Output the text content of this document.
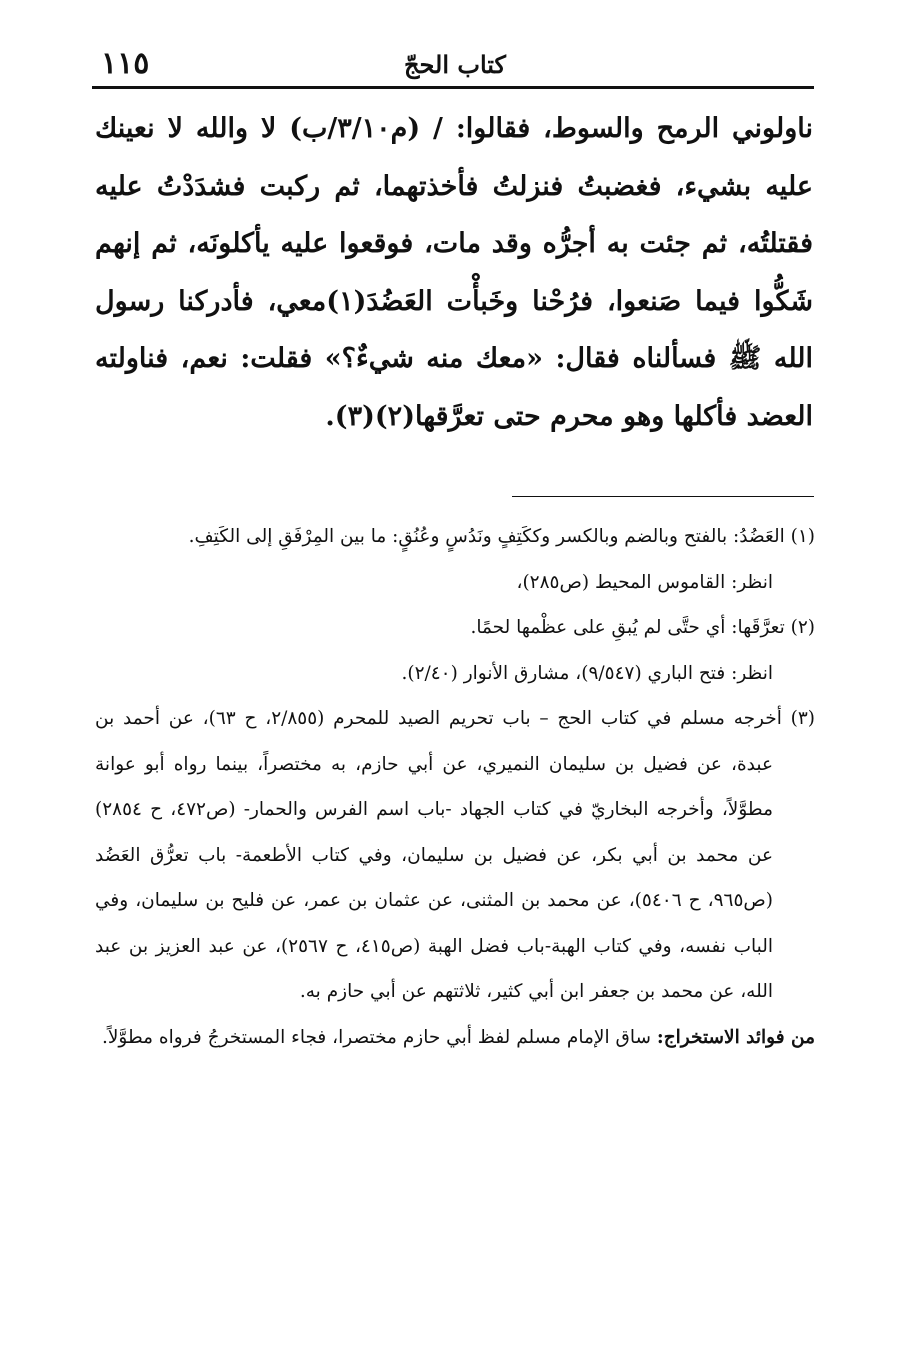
كتاب الحجّ
١١٥

ناولوني الرمح والسوط، فقالوا: / (م٣/١٠/ب) لا والله لا نعينك عليه بشيء، فغضبتُ فنزلتُ فأخذتهما، ثم ركبت فشدَدْتُ عليه فقتلتُه، ثم جئت به أجرُّه وقد مات، فوقعوا عليه يأكلونَه، ثم إنهم شَكُّوا فيما صَنعوا، فرُحْنا وخَبأْت العَضُدَ(١)معي، فأدركنا رسول الله ﷺ فسألناه فقال: «معك منه شيءٌ؟» فقلت: نعم، فناولته العضد فأكلها وهو محرم حتى تعرَّقها(٢)(٣).

(١) العَضُدُ: بالفتح وبالضم وبالكسر وككَتِفٍ ونَدُسٍ وعُنُقٍ: ما بين المِرْفَقِ إلى الكَتِفِ.

انظر: القاموس المحيط (ص٢٨٥)،

(٢) تعرَّقَها: أي حتَّى لم يُبقِ على عظْمها لحمًا.

انظر: فتح الباري (٩/٥٤٧)، مشارق الأنوار (٢/٤٠).

(٣) أخرجه مسلم في كتاب الحج – باب تحريم الصيد للمحرم (٢/٨٥٥، ح ٦٣)، عن أحمد بن عبدة، عن فضيل بن سليمان النميري، عن أبي حازم، به مختصراً، بينما رواه أبو عوانة مطوَّلاً، وأخرجه البخاريّ في كتاب الجهاد -باب اسم الفرس والحمار- (ص٤٧٢، ح ٢٨٥٤) عن محمد بن أبي بكر، عن فضيل بن سليمان، وفي كتاب الأطعمة- باب تعرُّق العَضُد (ص٩٦٥، ح ٥٤٠٦)، عن محمد بن المثنى، عن عثمان بن عمر، عن فليح بن سليمان، وفي الباب نفسه، وفي كتاب الهبة-باب فضل الهبة (ص٤١٥، ح ٢٥٦٧)، عن عبد العزيز بن عبد الله، عن محمد بن جعفر ابن أبي كثير، ثلاثتهم عن أبي حازم به.

من فوائد الاستخراج: ساق الإمام مسلم لفظ أبي حازم مختصرا، فجاء المستخرجُ فرواه مطوَّلاً.
